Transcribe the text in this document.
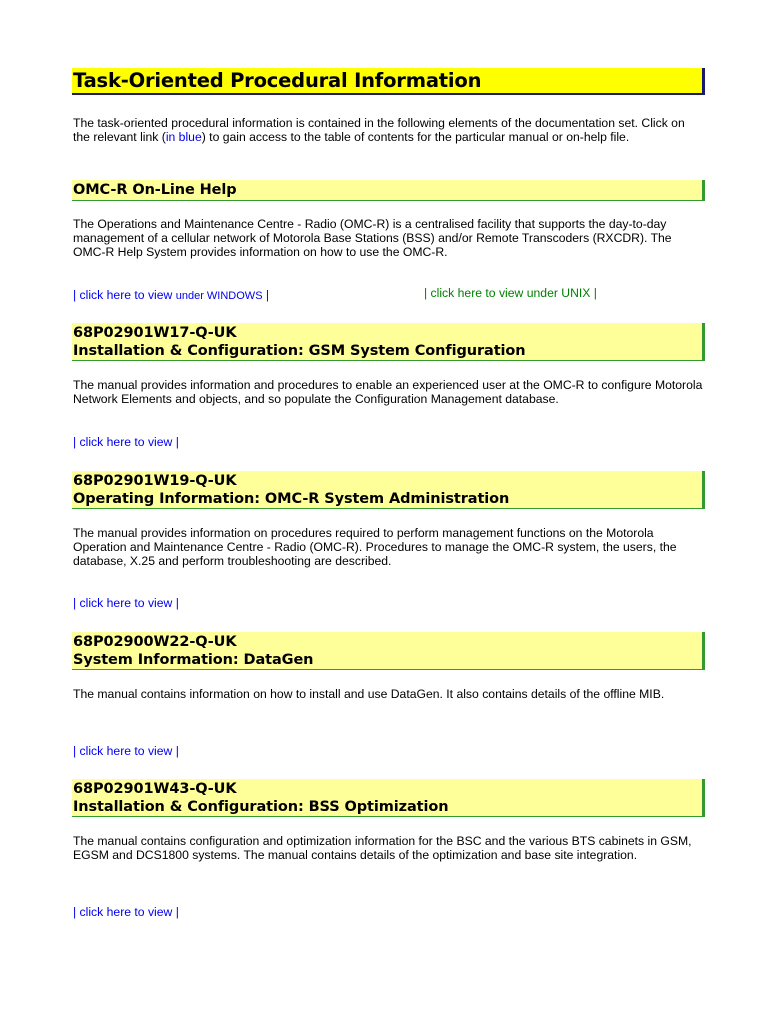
Task-Oriented Procedural Information

The task-oriented procedural information is contained in the following elements of the documentation set. Click on the relevant link (in blue) to gain access to the table of contents for the particular manual or on-help file.

OMC-R On-Line Help

The Operations and Maintenance Centre - Radio (OMC-R) is a centralised facility that supports the day-to-day management of a cellular network of Motorola Base Stations (BSS) and/or Remote Transcoders (RXCDR). The OMC-R Help System provides information on how to use the OMC-R.

| click here to view under WINDOWS |	| click here to view under UNIX |
68P02901W17-Q-UK
Installation & Configuration: GSM System Configuration

The manual provides information and procedures to enable an experienced user at the OMC-R to configure Motorola Network Elements and objects, and so populate the Configuration Management database.

| click here to view |
68P02901W19-Q-UK
Operating Information: OMC-R System Administration

The manual provides information on procedures required to perform management functions on the Motorola Operation and Maintenance Centre - Radio (OMC-R). Procedures to manage the OMC-R system, the users, the database, X.25 and perform troubleshooting are described.

| click here to view |
68P02900W22-Q-UK
System Information: DataGen

The manual contains information on how to install and use DataGen. It also contains details of the offline MIB.

| click here to view |
68P02901W43-Q-UK
Installation & Configuration: BSS Optimization

The manual contains configuration and optimization information for the BSC and the various BTS cabinets in GSM, EGSM and DCS1800 systems. The manual contains details of the optimization and base site integration.

| click here to view |
